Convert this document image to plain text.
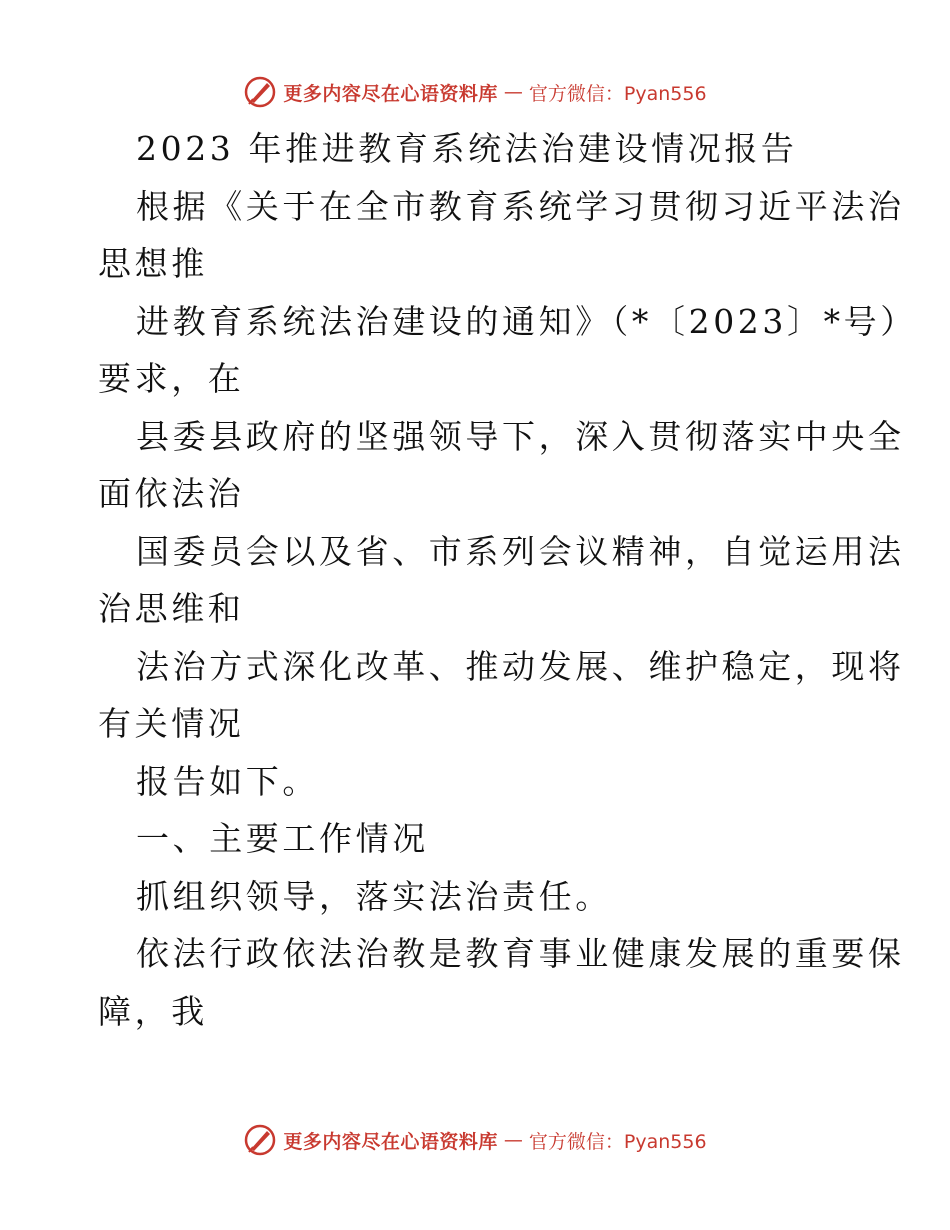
更多内容尽在心语资料库 — 官方微信：Pyan556
2023 年推进教育系统法治建设情况报告
根据《关于在全市教育系统学习贯彻习近平法治
思想推
进教育系统法治建设的通知》（*〔2023〕*号）
要求，在
县委县政府的坚强领导下，深入贯彻落实中央全
面依法治
国委员会以及省、市系列会议精神，自觉运用法
治思维和
法治方式深化改革、推动发展、维护稳定，现将
有关情况
报告如下。
一、主要工作情况
抓组织领导，落实法治责任。
依法行政依法治教是教育事业健康发展的重要保
障，我
更多内容尽在心语资料库 — 官方微信：Pyan556
